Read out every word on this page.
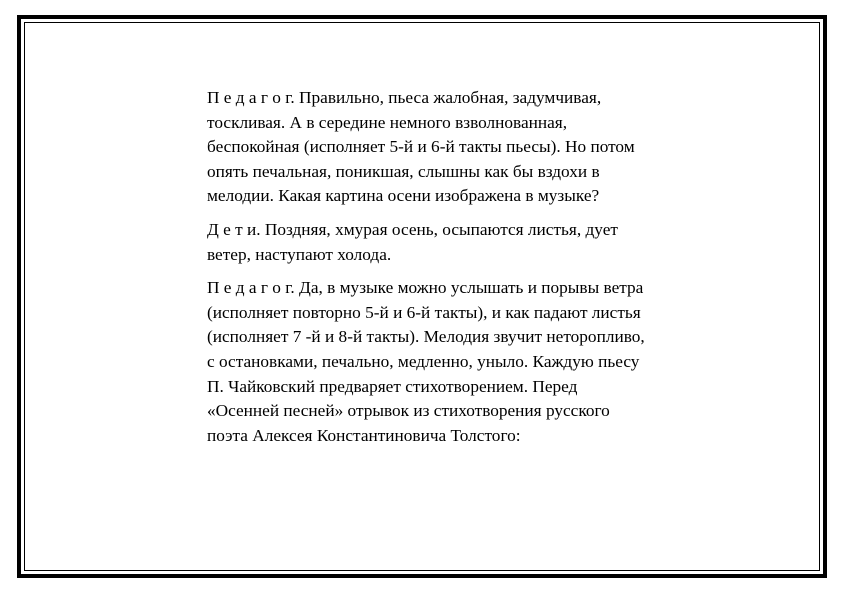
П е д а г о г. Правильно, пьеса жалобная, задумчивая,
тоскливая. А в середине немного взволнованная,
беспокойная (исполняет 5-й и 6-й такты пьесы). Но потом
опять печальная, поникшая, слышны как бы вздохи в
мелодии. Какая картина осени изображена в музыке?

Д е т и. Поздняя, хмурая осень, осыпаются листья, дует
ветер, наступают холода.

П е д а г о г. Да, в музыке можно услышать и порывы ветра
(исполняет повторно 5-й и 6-й такты), и как падают листья
(исполняет 7 -й и 8-й такты). Мелодия звучит неторопливо,
с остановками, печально, медленно, уныло. Каждую пьесу
П. Чайковский предваряет стихотворением. Перед
«Осенней песней» отрывок из стихотворения русского
поэта Алексея Константиновича Толстого:
